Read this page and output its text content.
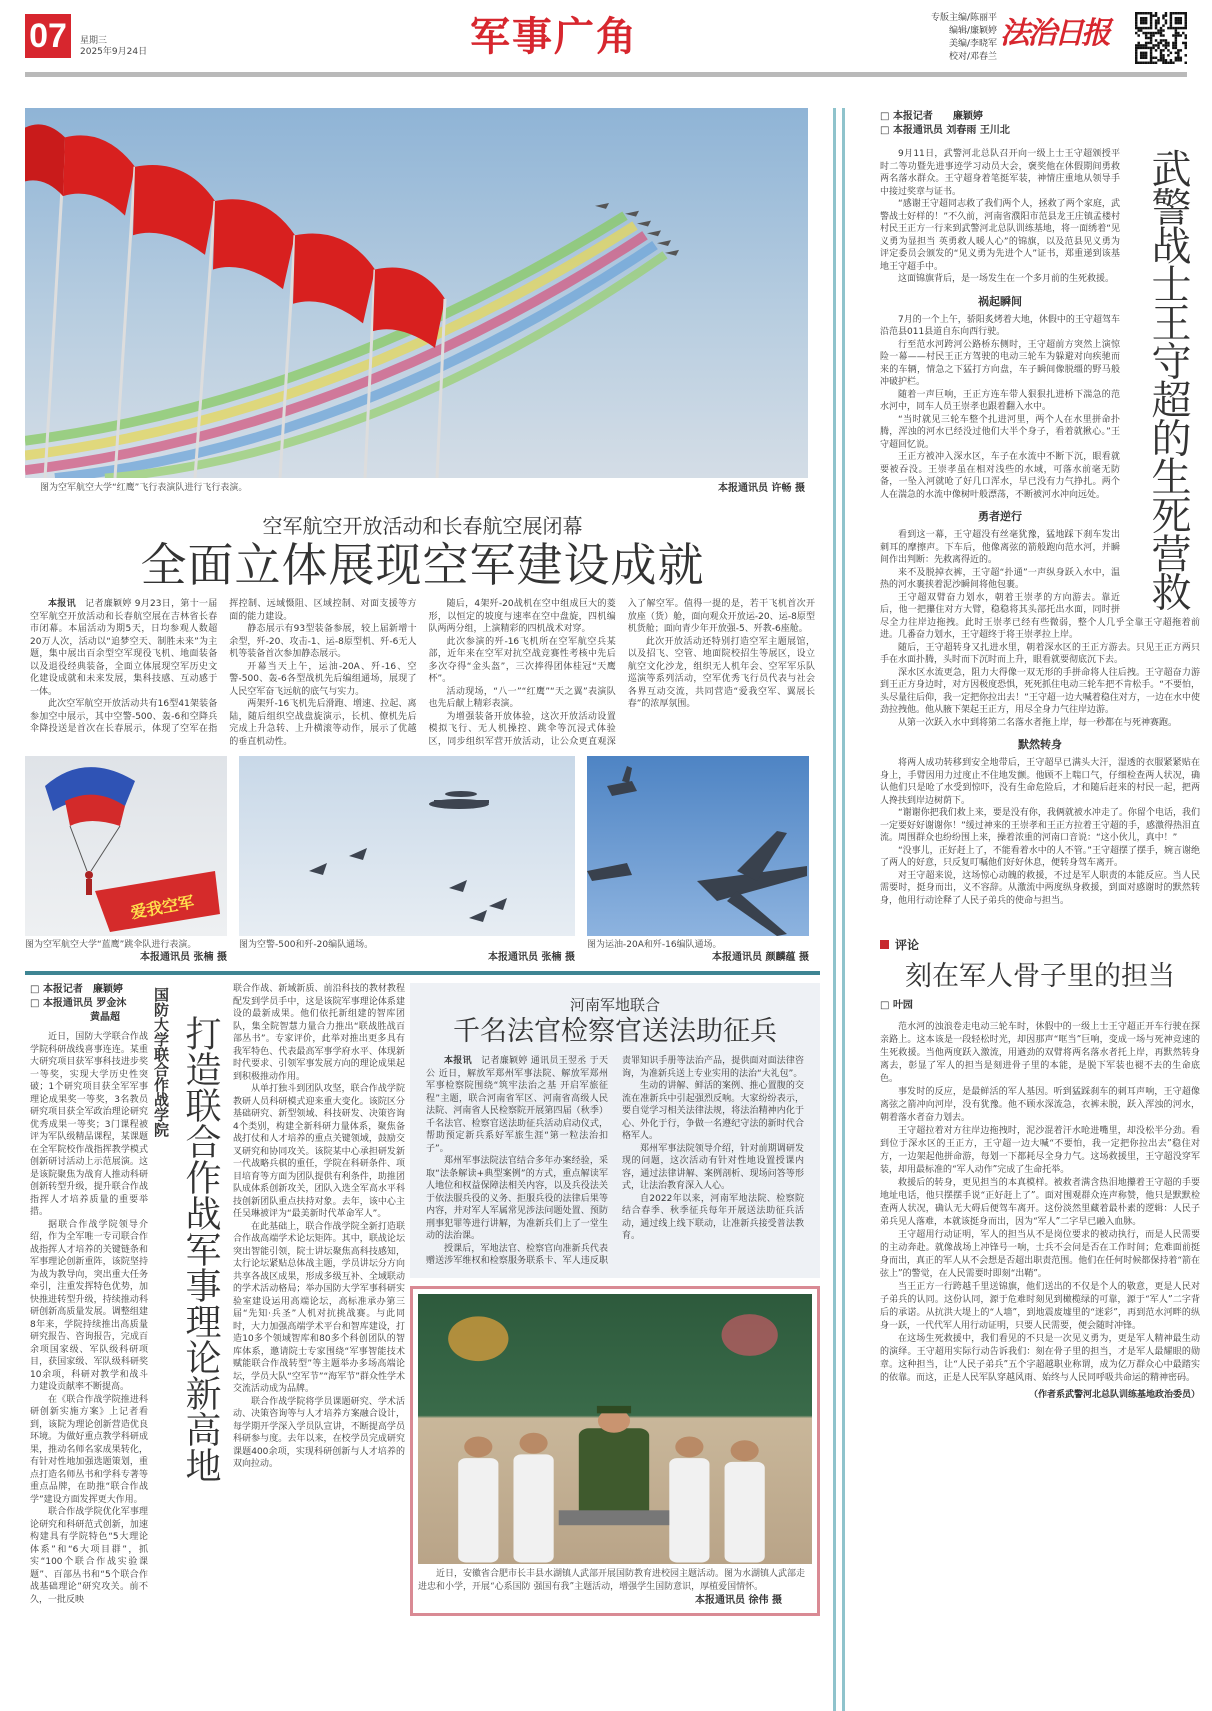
07	星期三
2025年9月24日	军事广角	专版主编/陈丽平
编辑/廉颖婷
美编/李晓军
校对/邓春兰
法治日报
图为空军航空大学“红鹰”飞行表演队进行飞行表演。	本报通讯员 许畅 摄
空军航空开放活动和长春航空展闭幕
全面立体展现空军建设成就
本报讯　 记者廉颖婷 9月23日，第十一届空军航空开放活动和长春航空展在吉林省长春市闭幕。本届活动为期5天，日均参观人数超20万人次，活动以“追梦空天、制胜未来”为主题，集中展出百余型空军现役飞机、地面装备以及退役经典装备，全面立体展现空军历史文化建设成就和未来发展，集科技感、互动感于一体。
此次空军航空开放活动共有16型41架装备参加空中展示，其中空警-500、轰-6和空降兵伞降投送是首次在长春展示，体现了空军在指挥控制、远域慑阻、区域控制、对面支援等方面的能力建设。
静态展示有93型装备参展，较上届新增十余型，歼-20、攻击-1、运-8原型机、歼-6无人机等装备首次参加静态展示。
开幕当天上午，运油-20A、歼-16、空警-500、轰-6各型战机先后编组通场，展现了人民空军奋飞远航的底气与实力。
两架歼-16飞机先后滑跑、增速、拉起、离陆，随后组织空战盘旋演示，长机、僚机先后完成上升急转、上升横滚等动作，展示了优越的垂直机动性。
随后，4架歼-20战机在空中组成巨大的菱形，以恒定的坡度与速率在空中盘旋，四机编队两两分组，上演精彩的四机战术对穿。
此次参演的歼-16飞机所在空军航空兵某部，近年来在空军对抗空战竞赛性考核中先后多次夺得“金头盔”，三次捧得团体桂冠“天鹰杯”。
活动现场，“八一”“红鹰”“天之翼”表演队也先后献上精彩表演。
为增强装备开放体验，这次开放活动设置模拟飞行、无人机操控、跳伞等沉浸式体验区，同步组织军营开放活动，让公众更直观深入了解空军。值得一提的是，若干飞机首次开放座（货）舱，面向观众开放运-20、运-8原型机货舱；面向青少年开放强-5、歼教-6座舱。
此次开放活动还特别打造空军主题展馆，以及招飞、空管、地面院校招生等展区，设立航空文化沙龙，组织无人机年会、空军军乐队巡演等系列活动，空军优秀飞行员代表与社会各界互动交流，共同营造“爱我空军、翼展长春”的浓厚氛围。
爱我空军
图为空军航空大学“蓝鹰”跳伞队进行表演。
本报通讯员 张楠 摄
图为空警-500和歼-20编队通场。
本报通讯员 张楠 摄
图为运油-20A和歼-16编队通场。
本报通讯员 颜麟蕴 摄
□ 本报记者　廉颖婷
□ 本报通讯员 罗金沐
黄晶超
近日，国防大学联合作战学院科研战线喜事连连。某重大研究项目获军事科技进步奖一等奖，实现大学历史性突破；1个研究项目获全军军事理论成果奖一等奖，3名教员研究项目获全军政治理论研究优秀成果一等奖；3门课程被评为军队级精品课程，某课题在全军院校作战指挥教学模式创新研讨活动上示范展演。这是该院聚焦为战育人推动科研创新转型升级，提升联合作战指挥人才培养质量的重要举措。
据联合作战学院领导介绍，作为全军唯一专司联合作战指挥人才培养的关键链条和军事理论创新重阵，该院坚持为战为教导向，突出重大任务牵引，注重发挥特色优势，加快推进转型升级，持续推动科研创新高质量发展。调整组建8年来，学院持续推出高质量研究报告、咨询报告，完成百余项国家级、军队级科研项目，获国家级、军队级科研奖10余项，科研对教学和战斗力建设贡献率不断提高。
在《联合作战学院推进科研创新实施方案》上记者看到，该院为理论创新营造优良环境。为做好重点教学科研成果，推动名师名家成果转化，有针对性地加强选题策划，重点打造名师丛书和学科专著等重点品牌，在助推“联合作战学”建设方面发挥更大作用。
联合作战学院优化军事理论研究和科研范式创新，加速构建具有学院特色“5大理论体系”和“6大项目群”，抓实“100个联合作战实验课题”、百部丛书和“5个联合作战基础理论”研究攻关。前不久，一批反映
国防大学联合作战学院 打造联合作战军事理论新高地
联合作战、新域新质、前沿科技的教材教程配发到学员手中，这是该院军事理论体系建设的最新成果。他们依托新组建的智库团队，集全院智慧力量合力推出“联战胜战百部丛书”。专家评价，此举对推出更多具有我军特色、代表最高军事学府水平、体现新时代要求、引领军事发展方向的理论成果起到积极推动作用。
从单打独斗到团队攻坚，联合作战学院教研人员科研模式迎来重大变化。该院区分基础研究、新型领域、科技研发、决策咨询4个类别，构建全新科研力量体系，聚焦备战打仗和人才培养的重点关键领域，鼓励交叉研究和协同攻关。该院某中心承担研发新一代战略兵棋的重任，学院在科研条件、项目培育等方面为团队提供有利条件，助推团队成体系创新攻关，团队入选全军高水平科技创新团队重点扶持对象。去年，该中心主任吴琳被评为“最美新时代革命军人”。
在此基础上，联合作战学院全新打造联合作战高端学术论坛矩阵。其中，联战论坛突出智能引领，院士讲坛聚焦高科技感知，太行论坛紧贴总体战主题，学员讲坛分方向共享各战区成果，形成多级互补、全域联动的学术活动格局；举办国防大学军事科研实验室建设运用高端论坛，高标准承办第三届“先知·兵圣”人机对抗挑战赛。与此同时，大力加强高端学术平台和智库建设，打造10多个领域智库和80多个科创团队的智库体系，邀请院士专家围绕“军事智能技术赋能联合作战转型”等主题举办多场高端论坛，学员大队“空军节”“海军节”群众性学术交流活动成为品牌。
联合作战学院将学员课题研究、学术活动、决策咨询等与人才培养方案融合设计，每学期开学深入学员队宣讲，不断提高学员科研参与度。去年以来，在校学员完成研究课题400余项，实现科研创新与人才培养的双向拉动。
河南军地联合
千名法官检察官送法助征兵
本报讯　 记者廉颖婷 通讯员王翌丞 于天公 近日，解放军郑州军事法院、解放军郑州军事检察院围绕“筑牢法治之基 开启军旅征程”主题，联合河南省军区、河南省高级人民法院、河南省人民检察院开展第四届（秋季）千名法官、检察官送法助征兵活动启动仪式，帮助预定新兵系好军旅生涯“第一粒法治扣子”。
郑州军事法院法官结合多年办案经验，采取“法条解读+典型案例”的方式，重点解读军人地位和权益保障法相关内容，以及兵役法关于依法服兵役的义务、拒服兵役的法律后果等内容，并对军人军属常见涉法问题处置、预防刑事犯罪等进行讲解，为准新兵们上了一堂生动的法治课。
授课后，军地法官、检察官向准新兵代表赠送涉军维权和检察服务联系卡、军人违反职责罪知识手册等法治产品，提供面对面法律咨询，为准新兵送上专业实用的法治“大礼包”。
生动的讲解、鲜活的案例、推心置腹的交流在准新兵中引起强烈反响。大家纷纷表示，要自觉学习相关法律法规，将法治精神内化于心、外化于行，争做一名遵纪守法的新时代合格军人。
郑州军事法院领导介绍，针对前期调研发现的问题，这次活动有针对性地设置授课内容，通过法律讲解、案例剖析、现场问答等形式，让法治教育深入人心。
自2022年以来，河南军地法院、检察院结合春季、秋季征兵每年开展送法助征兵活动，通过线上线下联动，让准新兵接受普法教育。
近日，安徽省合肥市长丰县水湖镇人武部开展国防教育进校园主题活动。图为水湖镇人武部走进忠和小学，开展“心系国防 强国有我”主题活动，增强学生国防意识，厚植爱国情怀。
本报通讯员 徐伟 摄
武警战士王守超的生死营救
□ 本报记者　　廉颖婷
□ 本报通讯员 刘春雨 王川北
9月11日，武警河北总队召开向一级上士王守超颁授平时二等功暨先进事迹学习动员大会，褒奖他在休假期间勇救两名落水群众。王守超身着笔挺军装，神情庄重地从领导手中接过奖章与证书。
“感谢王守超同志救了我们两个人，拯救了两个家庭，武警战士好样的！”不久前，河南省濮阳市范县龙王庄镇孟楼村村民王正方一行来到武警河北总队训练基地，将一面绣着“见义勇为显担当 英勇救人暖人心”的锦旗，以及范县见义勇为评定委员会颁发的“见义勇为先进个人”证书，郑重递到该基地王守超手中。
这面锦旗背后，是一场发生在一个多月前的生死救援。
祸起瞬间
7月的一个上午，骄阳炙烤着大地，休假中的王守超驾车沿范县011县道自东向西行驶。
行至范水河跨河公路桥东侧时，王守超前方突然上演惊险一幕——村民王正方驾驶的电动三轮车为躲避对向疾驰而来的车辆，情急之下猛打方向盘，车子瞬间像脱缰的野马般冲破护栏。
随着一声巨响，王正方连车带人狠狠扎进桥下湍急的范水河中，同车人员王崇孝也跟着翻入水中。
“当时就见三轮车整个扎进河里，两个人在水里拼命扑腾，浑浊的河水已经没过他们大半个身子，看着就揪心。”王守超回忆说。
王正方被冲入深水区，车子在水流中不断下沉，眼看就要被吞没。王崇孝虽在相对浅些的水域，可落水前毫无防备，一坠入河就呛了好几口浑水，早已没有力气挣扎。两个人在湍急的水流中像树叶般漂荡，不断被河水冲向远处。
勇者逆行
看到这一幕，王守超没有丝毫犹豫，猛地踩下刹车发出刺耳的摩擦声。下车后，他像离弦的箭般跑向范水河，并瞬间作出判断：先救离得近的。
来不及脱掉衣裤，王守超“扑通”一声纵身跃入水中，温热的河水裹挟着泥沙瞬间将他包裹。
王守超双臂奋力划水，朝着王崇孝的方向游去。靠近后，他一把攥住对方大臂，稳稳将其头部托出水面，同时拼尽全力往岸边拖拽。此时王崇孝已经有些微弱，整个人几乎全靠王守超拖着前进。几番奋力划水，王守超终于将王崇孝拉上岸。
随后，王守超转身又扎进水里，朝着深水区的王正方游去。只见王正方两只手在水面扑腾，头时而下沉时而上升，眼看就要彻底沉下去。
深水区水流更急，阻力大得像一双无形的手拼命将人往后拽。王守超奋力游到王正方身边时，对方因极度恐惧，死死抓住电动三轮车把不肯松手。“不要怕，头尽量往后仰，我一定把你拉出去！”王守超一边大喊着稳住对方，一边在水中使劲拉拽他。他从腋下架起王正方，用尽全身力气往岸边游。
从第一次跃入水中到将第二名落水者拖上岸，每一秒都在与死神赛跑。
默然转身
将两人成功转移到安全地带后，王守超早已满头大汗，湿透的衣服紧紧贴在身上，手臂因用力过度止不住地发颤。他顾不上喘口气，仔细检查两人状况，确认他们只是呛了水受到惊吓，没有生命危险后，才和随后赶来的村民一起，把两人搀扶到岸边树荫下。
“谢谢你把我们救上来，要是没有你，我俩就被水冲走了。你留个电话，我们一定要好好谢谢你！”缓过神来的王崇孝和王正方拉着王守超的手，感激得热泪直流。周围群众也纷纷围上来，操着浓重的河南口音说：“这小伙儿，真中！”
“没事儿，正好赶上了，不能看着水中的人不管。”王守超摆了摆手，婉言谢绝了两人的好意，只反复叮嘱他们好好休息，便转身驾车离开。
对王守超来说，这场惊心动魄的救援，不过是军人职责的本能反应。当人民需要时，挺身而出，义不容辞。从激流中两度纵身救援，到面对感谢时的默然转身，他用行动诠释了人民子弟兵的使命与担当。
评论
刻在军人骨子里的担当
□ 叶园
范水河的浊浪卷走电动三轮车时，休假中的一级上士王守超正开车行驶在探亲路上。这本该是一段轻松时光，却因那声“哐当”巨响，变成一场与死神竞速的生死救援。当他两度跃入激流，用遒劲的双臂将两名落水者托上岸，再默然转身离去，彰显了军人的担当是刻进骨子里的本能，是脱下军装也褪不去的生命底色。
事发时的反应，是最鲜活的军人基因。听到猛踩刹车的刺耳声响，王守超像离弦之箭冲向河岸，没有犹豫。他不顾水深流急，衣裤未脱，跃入浑浊的河水，朝着落水者奋力划去。
王守超拉着对方往岸边拖拽时，泥沙混着汗水呛进嘴里，却没松半分劲。看到位于深水区的王正方，王守超一边大喊“不要怕，我一定把你拉出去”稳住对方，一边架起他拼命游，每划一下都耗尽全身力气。这场救援里，王守超没穿军装，却用最标准的“军人动作”完成了生命托举。
救援后的转身，更见担当的本真模样。被救者满含热泪地攥着王守超的手要地址电话，他只摆摆手说“正好赶上了”。面对围观群众连声称赞，他只是默默检查两人状况，确认无大碍后便驾车离开。这份淡然里藏着最朴素的逻辑：人民子弟兵见人落难，本就该挺身而出，因为“军人”二字早已融入血脉。
王守超用行动证明，军人的担当从不是岗位要求的被动执行，而是人民需要的主动奔赴。就像战场上冲锋号一响，士兵不会问是否在工作时间；危难面前挺身而出，真正的军人从不会想是否超出职责范围。他们在任何时候都保持着“箭在弦上”的警觉，在人民需要时即刻“出鞘”。
当王正方一行跨越千里送锦旗，他们送出的不仅是个人的敬意，更是人民对子弟兵的认同。这份认同，源于危难时刻见到橄榄绿的可靠，源于“军人”二字背后的承诺。从抗洪大堤上的“人墙”，到地震废墟里的“迷彩”，再到范水河畔的纵身一跃，一代代军人用行动证明，只要人民需要，便会随时冲锋。
在这场生死救援中，我们看见的不只是一次见义勇为，更是军人精神最生动的演绎。王守超用实际行动告诉我们：刻在骨子里的担当，才是军人最耀眼的勋章。这种担当，让“人民子弟兵”五个字超越职业称谓，成为亿万群众心中最踏实的依靠。而这，正是人民军队穿越风雨、始终与人民同呼吸共命运的精神密码。
（作者系武警河北总队训练基地政治委员）
